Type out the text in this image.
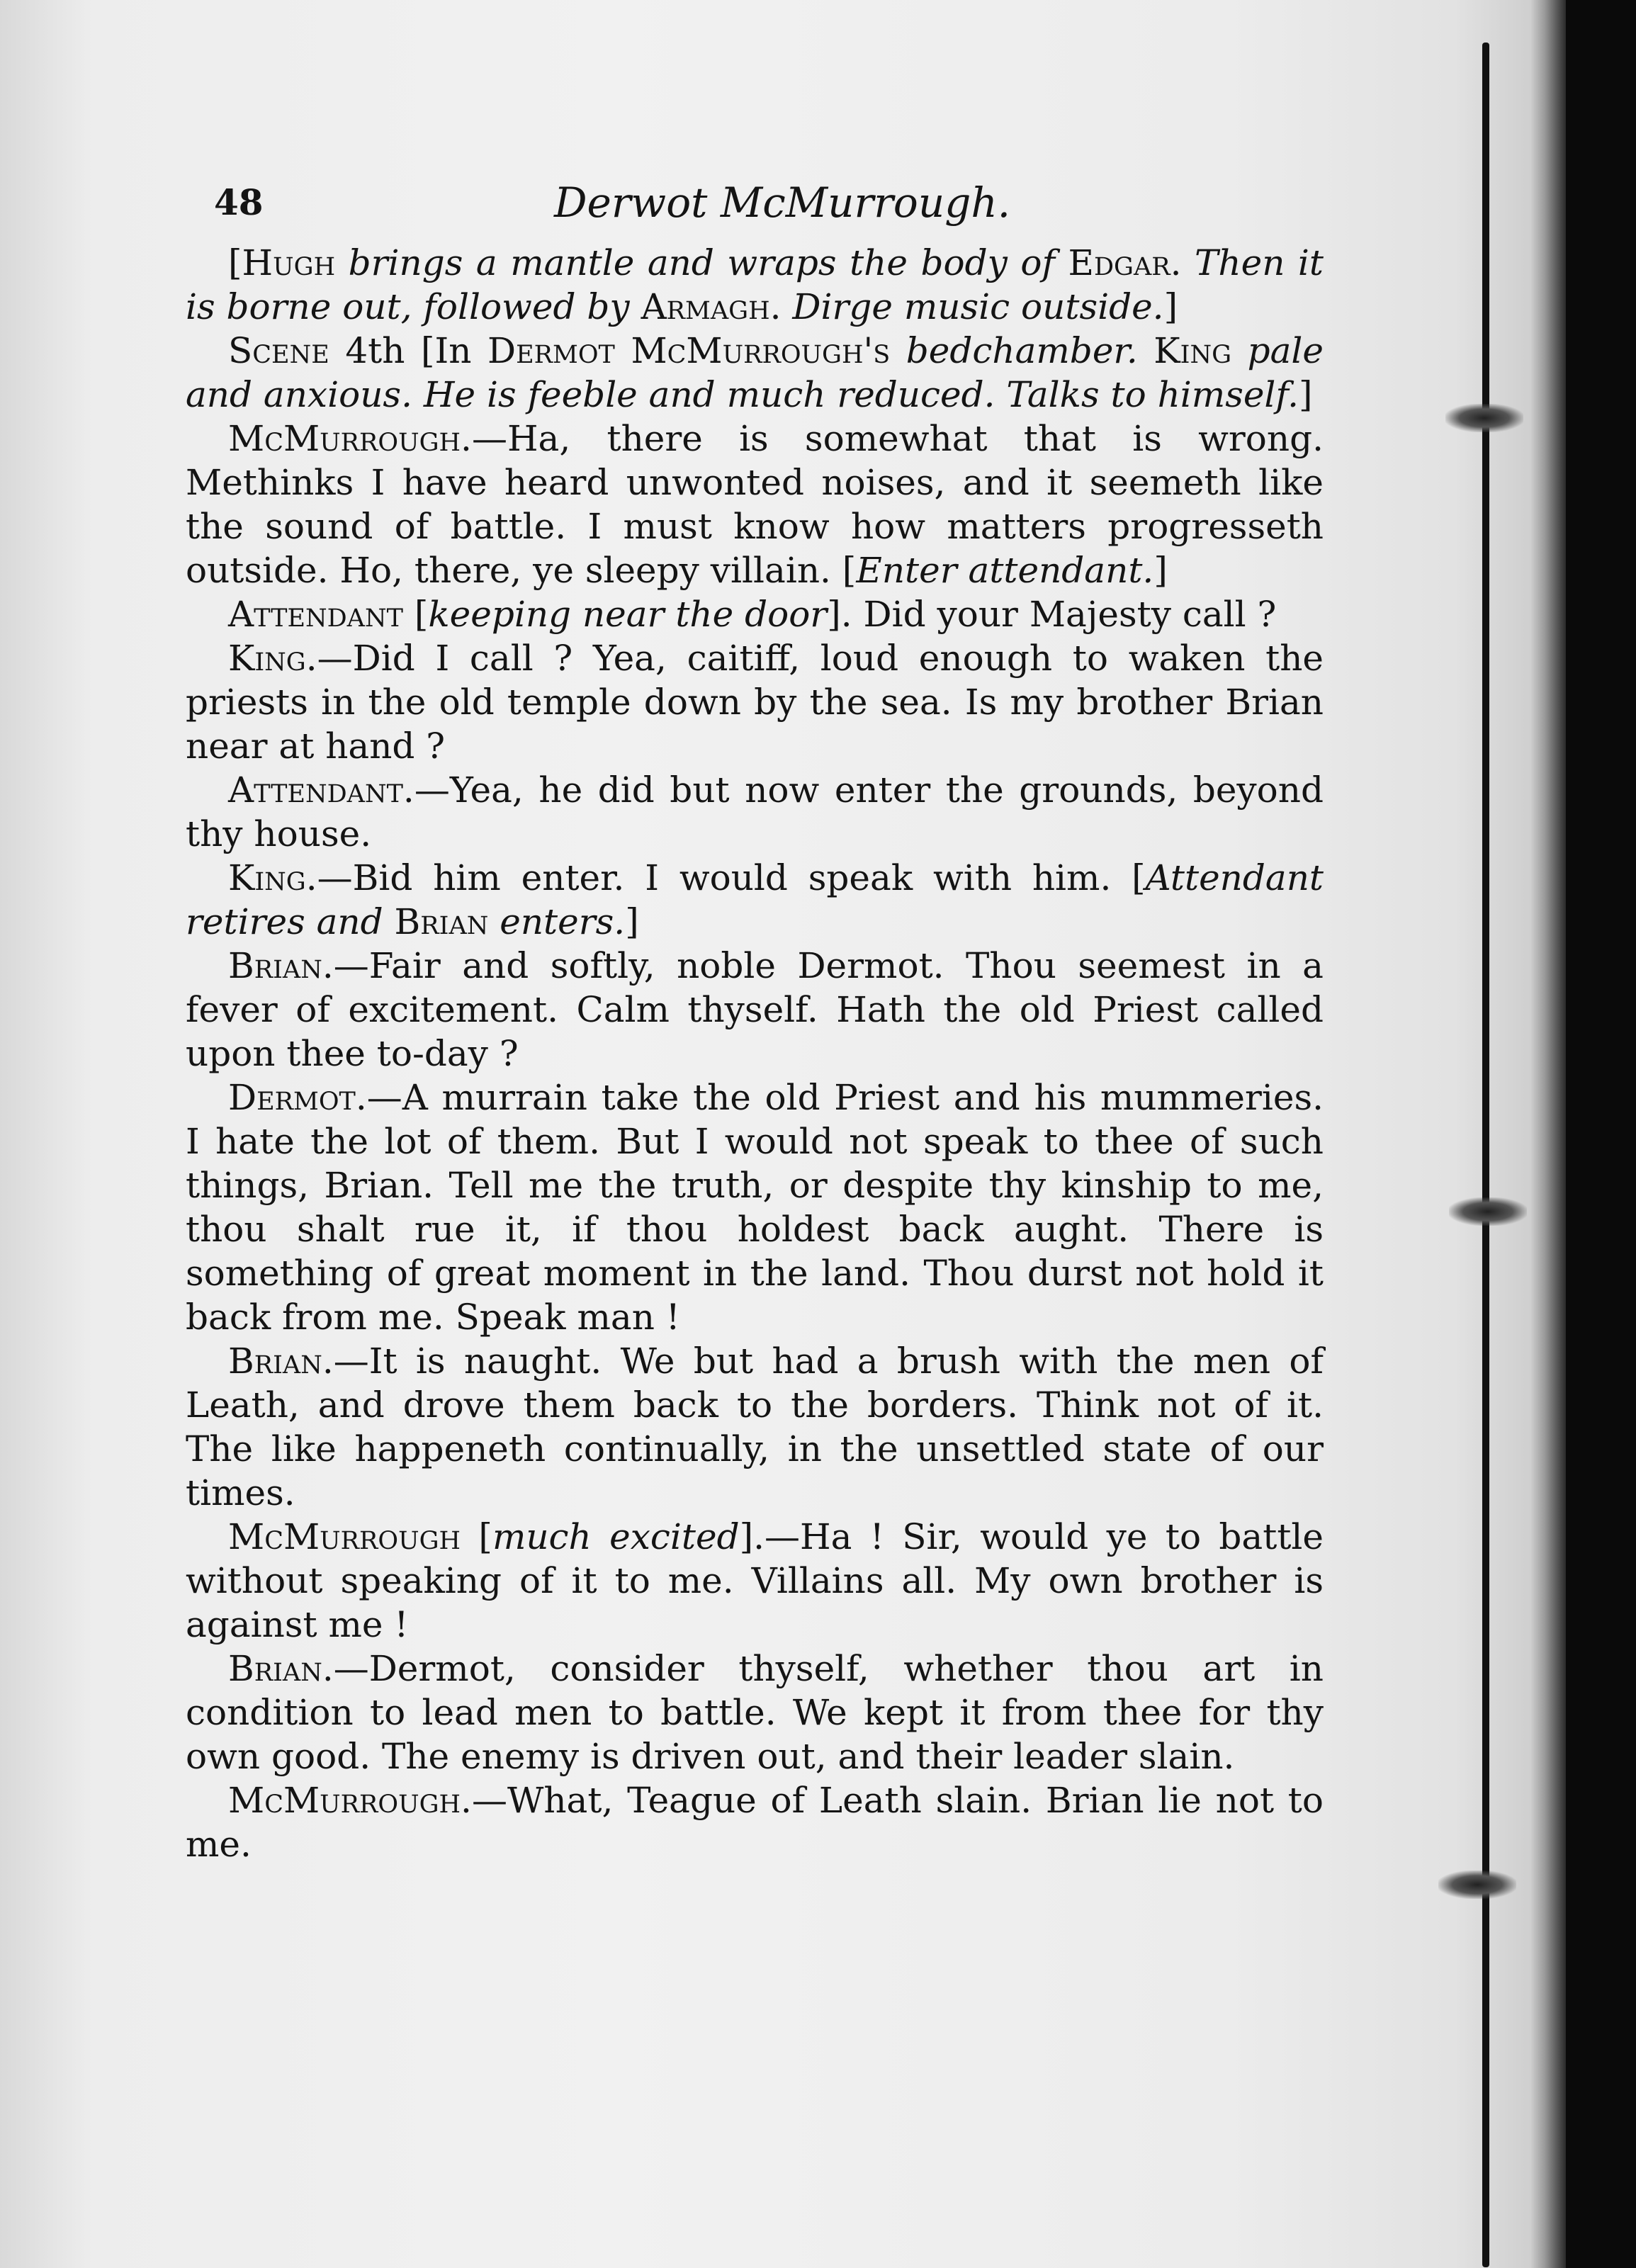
48	Derwot McMurrough.

[Hugh brings a mantle and wraps the body of Edgar. Then it is borne out, followed by Armagh. Dirge music outside.]

Scene 4th [In Dermot McMurrough's bedchamber. King pale and anxious. He is feeble and much reduced. Talks to himself.]

McMurrough.—Ha, there is somewhat that is wrong. Methinks I have heard unwonted noises, and it seemeth like the sound of battle. I must know how matters progresseth outside. Ho, there, ye sleepy villain. [Enter attendant.]

Attendant [keeping near the door]. Did your Majesty call ?

King.—Did I call ? Yea, caitiff, loud enough to waken the priests in the old temple down by the sea. Is my brother Brian near at hand ?

Attendant.—Yea, he did but now enter the grounds, beyond thy house.

King.—Bid him enter. I would speak with him. [Attendant retires and Brian enters.]

Brian.—Fair and softly, noble Dermot. Thou seemest in a fever of excitement. Calm thyself. Hath the old Priest called upon thee to-day ?

Dermot.—A murrain take the old Priest and his mummeries. I hate the lot of them. But I would not speak to thee of such things, Brian. Tell me the truth, or despite thy kinship to me, thou shalt rue it, if thou holdest back aught. There is something of great moment in the land. Thou durst not hold it back from me. Speak man !

Brian.—It is naught. We but had a brush with the men of Leath, and drove them back to the borders. Think not of it. The like happeneth continually, in the unsettled state of our times.

McMurrough [much excited].—Ha ! Sir, would ye to battle without speaking of it to me. Villains all. My own brother is against me !

Brian.—Dermot, consider thyself, whether thou art in condition to lead men to battle. We kept it from thee for thy own good. The enemy is driven out, and their leader slain.

McMurrough.—What, Teague of Leath slain. Brian lie not to me.
